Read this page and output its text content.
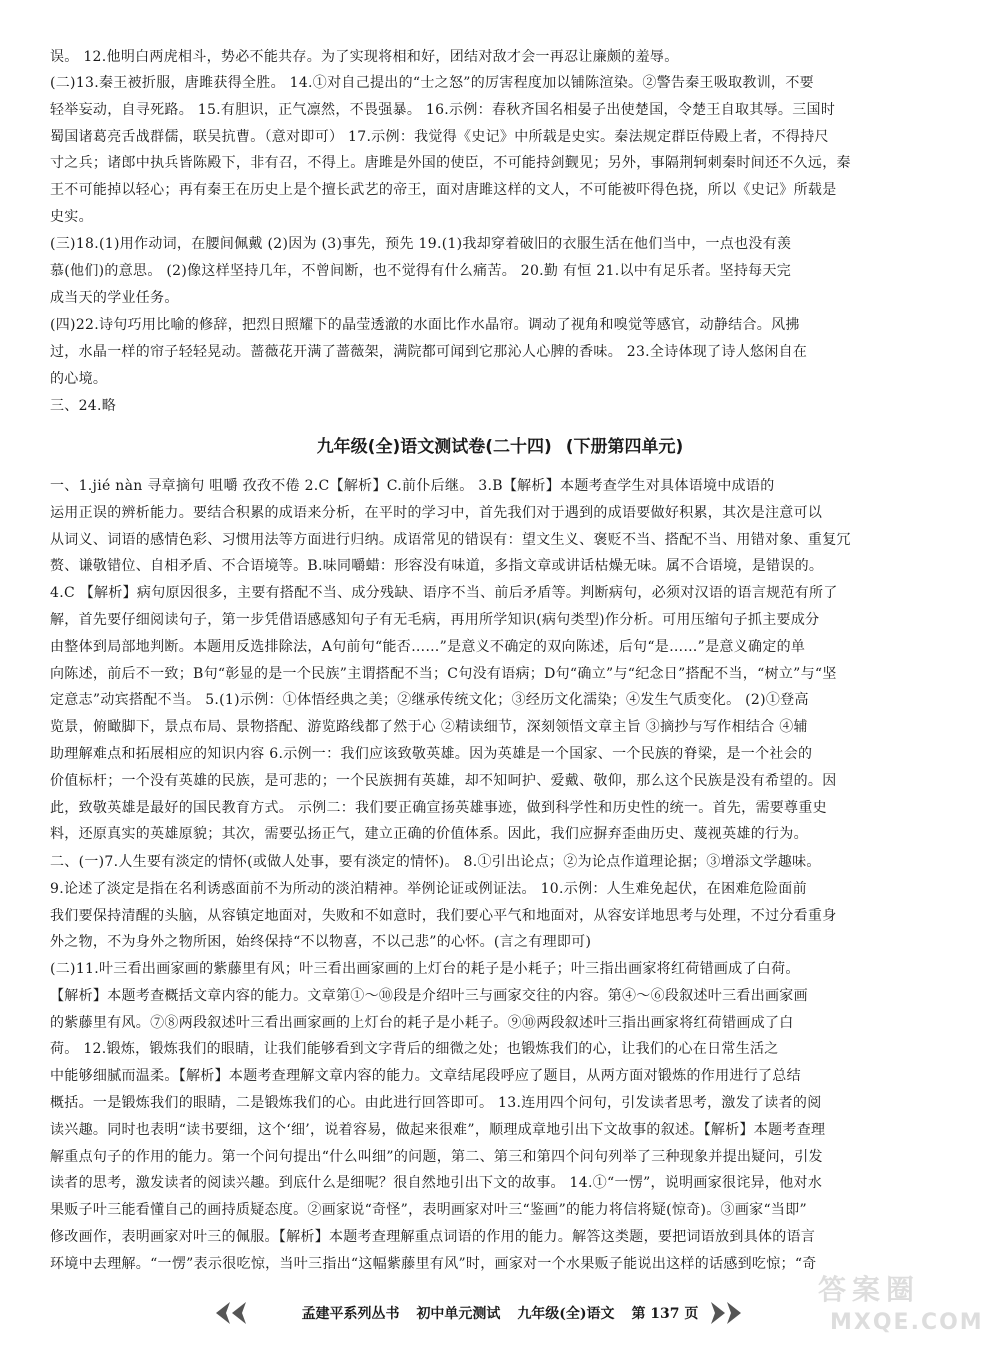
误。 12.他明白两虎相斗，势必不能共存。为了实现将相和好，团结对敌才会一再忍让廉颇的羞辱。
(二)13.秦王被折服，唐雎获得全胜。 14.①对自己提出的“士之怒”的厉害程度加以铺陈渲染。②警告秦王吸取教训，不要
轻举妄动，自寻死路。 15.有胆识，正气凛然，不畏强暴。 16.示例：春秋齐国名相晏子出使楚国，令楚王自取其辱。三国时
蜀国诸葛亮舌战群儒，联吴抗曹。（意对即可） 17.示例：我觉得《史记》中所载是史实。秦法规定群臣侍殿上者，不得持尺
寸之兵；诸郎中执兵皆陈殿下，非有召，不得上。唐雎是外国的使臣，不可能持剑觐见；另外，事隔荆轲刺秦时间还不久远，秦
王不可能掉以轻心；再有秦王在历史上是个擅长武艺的帝王，面对唐雎这样的文人，不可能被吓得色挠，所以《史记》所载是
史实。
(三)18.(1)用作动词，在腰间佩戴 (2)因为 (3)事先，预先 19.(1)我却穿着破旧的衣服生活在他们当中，一点也没有羡
慕(他们)的意思。 (2)像这样坚持几年，不曾间断，也不觉得有什么痛苦。 20.勤 有恒 21.以中有足乐者。坚持每天完
成当天的学业任务。
(四)22.诗句巧用比喻的修辞，把烈日照耀下的晶莹透澈的水面比作水晶帘。调动了视角和嗅觉等感官，动静结合。风拂
过，水晶一样的帘子轻轻晃动。蔷薇花开满了蔷薇架，满院都可闻到它那沁人心脾的香味。 23.全诗体现了诗人悠闲自在
的心境。
三、24.略
九年级(全)语文测试卷(二十四) (下册第四单元)
一、1.jié nàn 寻章摘句 咀嚼 孜孜不倦 2.C【解析】C.前仆后继。 3.B【解析】本题考查学生对具体语境中成语的
运用正误的辨析能力。要结合积累的成语来分析，在平时的学习中，首先我们对于遇到的成语要做好积累，其次是注意可以
从词义、词语的感情色彩、习惯用法等方面进行归纳。成语常见的错误有：望文生义、褒贬不当、搭配不当、用错对象、重复冗
赘、谦敬错位、自相矛盾、不合语境等。B.味同嚼蜡：形容没有味道，多指文章或讲话枯燥无味。属不合语境，是错误的。
4.C 【解析】病句原因很多，主要有搭配不当、成分残缺、语序不当、前后矛盾等。判断病句，必须对汉语的语言规范有所了
解，首先要仔细阅读句子，第一步凭借语感感知句子有无毛病，再用所学知识(病句类型)作分析。可用压缩句子抓主要成分
由整体到局部地判断。本题用反选排除法，A句前句“能否……”是意义不确定的双向陈述，后句“是……”是意义确定的单
向陈述，前后不一致；B句“彰显的是一个民族”主谓搭配不当；C句没有语病；D句“确立”与“纪念日”搭配不当，“树立”与“坚
定意志”动宾搭配不当。 5.(1)示例：①体悟经典之美；②继承传统文化；③经历文化濡染；④发生气质变化。 (2)①登高
览景，俯瞰脚下，景点布局、景物搭配、游览路线都了然于心 ②精读细节，深刻领悟文章主旨 ③摘抄与写作相结合 ④辅
助理解难点和拓展相应的知识内容 6.示例一：我们应该致敬英雄。因为英雄是一个国家、一个民族的脊梁，是一个社会的
价值标杆；一个没有英雄的民族，是可悲的；一个民族拥有英雄，却不知呵护、爱戴、敬仰，那么这个民族是没有希望的。因
此，致敬英雄是最好的国民教育方式。 示例二：我们要正确宣扬英雄事迹，做到科学性和历史性的统一。首先，需要尊重史
料，还原真实的英雄原貌；其次，需要弘扬正气，建立正确的价值体系。因此，我们应摒弃歪曲历史、蔑视英雄的行为。
二、(一)7.人生要有淡定的情怀(或做人处事，要有淡定的情怀)。 8.①引出论点；②为论点作道理论据；③增添文学趣味。
9.论述了淡定是指在名利诱惑面前不为所动的淡泊精神。举例论证或例证法。 10.示例：人生难免起伏，在困难危险面前
我们要保持清醒的头脑，从容镇定地面对，失败和不如意时，我们要心平气和地面对，从容安详地思考与处理，不过分看重身
外之物，不为身外之物所困，始终保持“不以物喜，不以己悲”的心怀。(言之有理即可)
(二)11.叶三看出画家画的紫藤里有风；叶三看出画家画的上灯台的耗子是小耗子；叶三指出画家将红荷错画成了白荷。
【解析】本题考查概括文章内容的能力。文章第①～⑩段是介绍叶三与画家交往的内容。第④～⑥段叙述叶三看出画家画
的紫藤里有风。⑦⑧两段叙述叶三看出画家画的上灯台的耗子是小耗子。⑨⑩两段叙述叶三指出画家将红荷错画成了白
荷。 12.锻炼，锻炼我们的眼睛，让我们能够看到文字背后的细微之处；也锻炼我们的心，让我们的心在日常生活之
中能够细腻而温柔。【解析】本题考查理解文章内容的能力。文章结尾段呼应了题目，从两方面对锻炼的作用进行了总结
概括。一是锻炼我们的眼睛，二是锻炼我们的心。由此进行回答即可。 13.连用四个问句，引发读者思考，激发了读者的阅
读兴趣。同时也表明“读书要细，这个‘细’，说着容易，做起来很难”，顺理成章地引出下文故事的叙述。【解析】本题考查理
解重点句子的作用的能力。第一个问句提出“什么叫细”的问题，第二、第三和第四个问句列举了三种现象并提出疑问，引发
读者的思考，激发读者的阅读兴趣。到底什么是细呢？很自然地引出下文的故事。 14.①“一愣”，说明画家很诧异，他对水
果贩子叶三能看懂自己的画持质疑态度。②画家说“奇怪”，表明画家对叶三“鉴画”的能力将信将疑(惊奇)。③画家“当即”
修改画作，表明画家对叶三的佩服。【解析】本题考查理解重点词语的作用的能力。解答这类题，要把词语放到具体的语言
环境中去理解。“一愣”表示很吃惊，当叶三指出“这幅紫藤里有风”时，画家对一个水果贩子能说出这样的话感到吃惊；“奇
孟建平系列丛书 初中单元测试 九年级(全)语文 第 137 页
答案圈
MXQE.COM
